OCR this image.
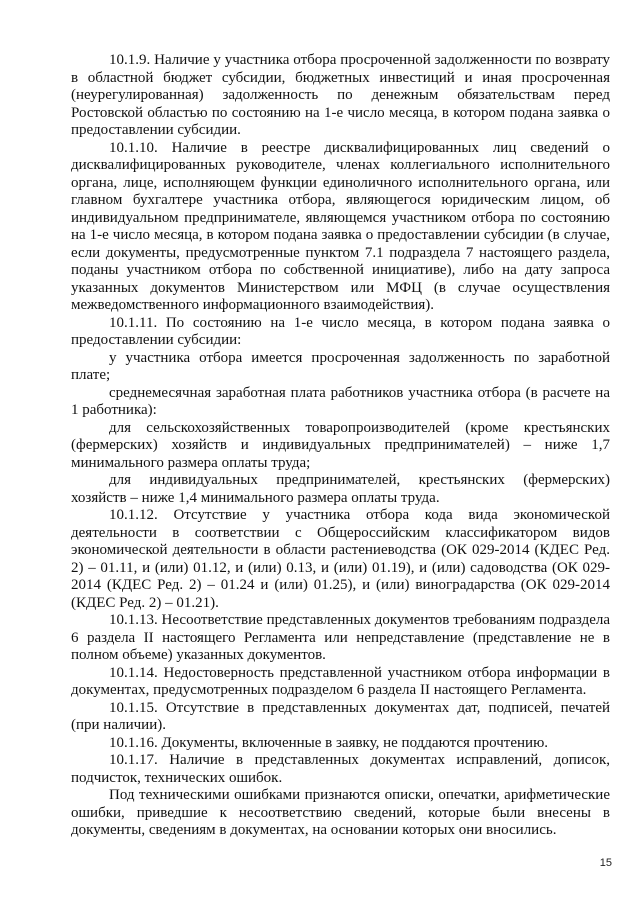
10.1.9. Наличие у участника отбора просроченной задолженности по возврату в областной бюджет субсидии, бюджетных инвестиций и иная просроченная (неурегулированная) задолженность по денежным обязательствам перед Ростовской областью по состоянию на 1-е число месяца, в котором подана заявка о предоставлении субсидии.

10.1.10. Наличие в реестре дисквалифицированных лиц сведений о дисквалифицированных руководителе, членах коллегиального исполнительного органа, лице, исполняющем функции единоличного исполнительного органа, или главном бухгалтере участника отбора, являющегося юридическим лицом, об индивидуальном предпринимателе, являющемся участником отбора по состоянию на 1-е число месяца, в котором подана заявка о предоставлении субсидии (в случае, если документы, предусмотренные пунктом 7.1 подраздела 7 настоящего раздела, поданы участником отбора по собственной инициативе), либо на дату запроса указанных документов Министерством или МФЦ (в случае осуществления межведомственного информационного взаимодействия).

10.1.11. По состоянию на 1-е число месяца, в котором подана заявка о предоставлении субсидии:

у участника отбора имеется просроченная задолженность по заработной плате;

среднемесячная заработная плата работников участника отбора (в расчете на 1 работника):

для сельскохозяйственных товаропроизводителей (кроме крестьянских (фермерских) хозяйств и индивидуальных предпринимателей) – ниже 1,7 минимального размера оплаты труда;

для индивидуальных предпринимателей, крестьянских (фермерских) хозяйств – ниже 1,4 минимального размера оплаты труда.

10.1.12. Отсутствие у участника отбора кода вида экономической деятельности в соответствии с Общероссийским классификатором видов экономической деятельности в области растениеводства (ОК 029-2014 (КДЕС Ред. 2) – 01.11, и (или) 01.12, и (или) 0.13, и (или) 01.19), и (или) садоводства (ОК 029-2014 (КДЕС Ред. 2) – 01.24 и (или) 01.25), и (или) виноградарства (ОК 029-2014 (КДЕС Ред. 2) – 01.21).

10.1.13. Несоответствие представленных документов требованиям подраздела 6 раздела II настоящего Регламента или непредставление (представление не в полном объеме) указанных документов.

10.1.14. Недостоверность представленной участником отбора информации в документах, предусмотренных подразделом 6 раздела II настоящего Регламента.

10.1.15. Отсутствие в представленных документах дат, подписей, печатей (при наличии).

10.1.16. Документы, включенные в заявку, не поддаются прочтению.

10.1.17. Наличие в представленных документах исправлений, дописок, подчисток, технических ошибок.

Под техническими ошибками признаются описки, опечатки, арифметические ошибки, приведшие к несоответствию сведений, которые были внесены в документы, сведениям в документах, на основании которых они вносились.

15
